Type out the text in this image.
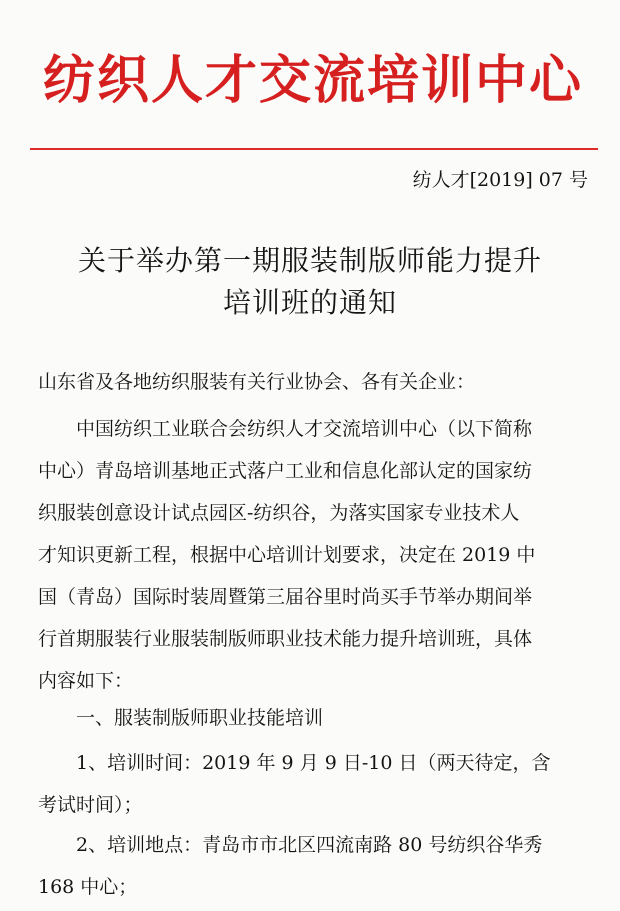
纺织人才交流培训中心
纺人才[2019] 07 号
关于举办第一期服装制版师能力提升
培训班的通知
山东省及各地纺织服装有关行业协会、各有关企业：
中国纺织工业联合会纺织人才交流培训中心（以下简称
中心）青岛培训基地正式落户工业和信息化部认定的国家纺
织服装创意设计试点园区-纺织谷，为落实国家专业技术人
才知识更新工程，根据中心培训计划要求，决定在 2019 中
国（青岛）国际时装周暨第三届谷里时尚买手节举办期间举
行首期服装行业服装制版师职业技术能力提升培训班，具体
内容如下：
一、服装制版师职业技能培训
1、培训时间：2019 年 9 月 9 日-10 日（两天待定，含
考试时间）；
2、培训地点：青岛市市北区四流南路 80 号纺织谷华秀
168 中心；
